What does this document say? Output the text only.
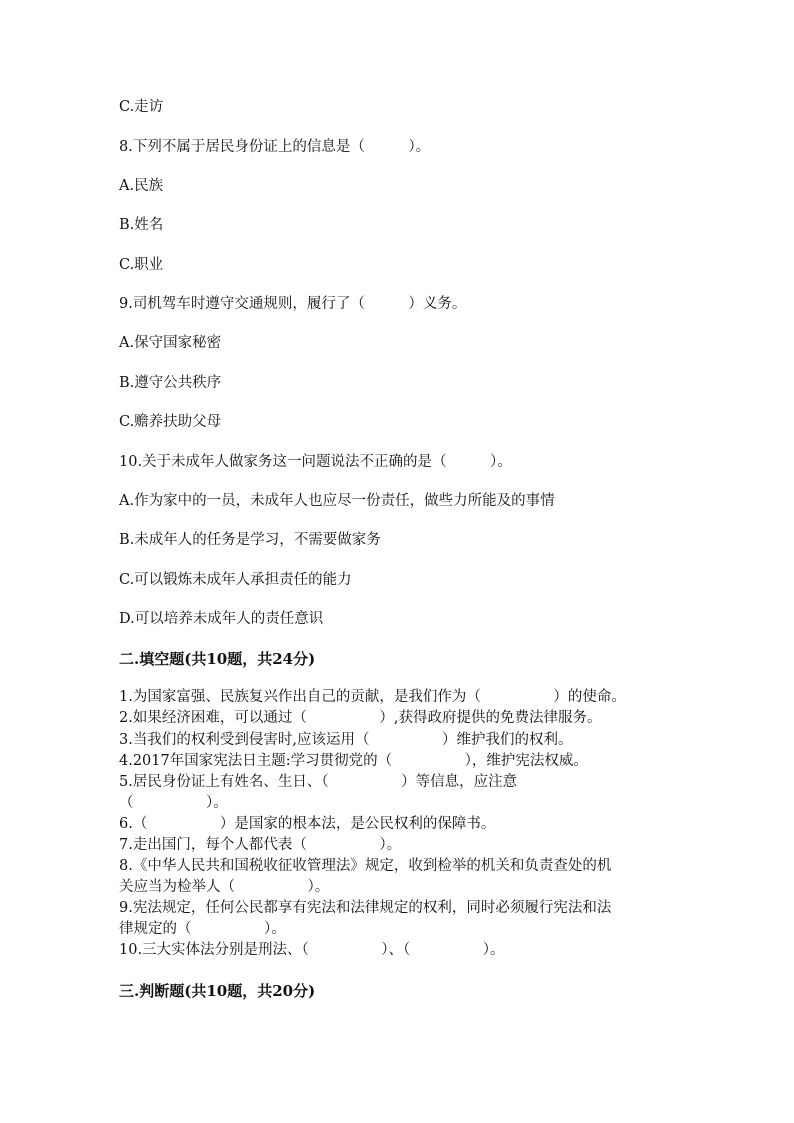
C.走访
8.下列不属于居民身份证上的信息是（　　　）。
A.民族
B.姓名
C.职业
9.司机驾车时遵守交通规则，履行了（　　　）义务。
A.保守国家秘密
B.遵守公共秩序
C.赡养扶助父母
10.关于未成年人做家务这一问题说法不正确的是（　　　）。
A.作为家中的一员，未成年人也应尽一份责任，做些力所能及的事情
B.未成年人的任务是学习，不需要做家务
C.可以锻炼未成年人承担责任的能力
D.可以培养未成年人的责任意识
二.填空题(共10题，共24分)
1.为国家富强、民族复兴作出自己的贡献，是我们作为（　　　　　）的使命。
2.如果经济困难，可以通过（　　　　　）,获得政府提供的免费法律服务。
3.当我们的权利受到侵害时,应该运用（　　　　　）维护我们的权利。
4.2017年国家宪法日主题:学习贯彻党的（　　　　　），维护宪法权威。
5.居民身份证上有姓名、生日、（　　　　　）等信息，应注意
（　　　　　）。
6.（　　　　　）是国家的根本法，是公民权利的保障书。
7.走出国门，每个人都代表（　　　　　）。
8.《中华人民共和国税收征收管理法》规定，收到检举的机关和负责查处的机
关应当为检举人（　　　　　）。
9.宪法规定，任何公民都享有宪法和法律规定的权利，同时必须履行宪法和法
律规定的（　　　　　）。
10.三大实体法分别是刑法、（　　　　　）、（　　　　　）。
三.判断题(共10题，共20分)
